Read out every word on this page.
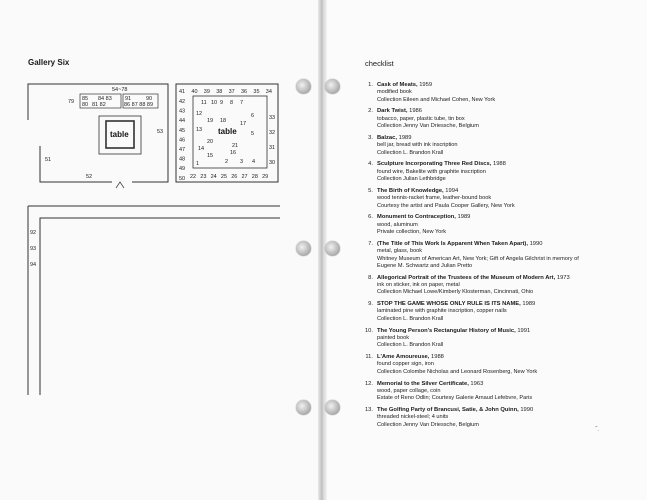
Gallery Six
54~78
79 85 84 83
80 81 82
91	90
86 87 88 89
table	53
51
52
41 40 39 38 37 36 35 34
42
43
44
45
46
47
48
49
50
33
32
31
30
22 23 24 25 26 27 28 29
11 10 9 8 7
12
19 18
6
17
13
20
21
5
16
14
15
2 3 4
1
table
92
93
94
checklist
1. Cask of Meats, 1959
modified book
Collection Eileen and Michael Cohen, New York
2. Dark Twist, 1986
tobacco, paper, plastic tube, tin box
Collection Jenny Van Driessche, Belgium
3. Balzac, 1989
bell jar, bread with ink inscription
Collection L. Brandon Krall
4. Sculpture Incorporating Three Red Discs, 1988
found wire, Bakelite with graphite inscription
Collection Julian Lethbridge
5. The Birth of Knowledge, 1994
wood tennis-racket frame, leather-bound book
Courtesy the artist and Paula Cooper Gallery, New York
6. Monument to Contraception, 1989
wood, aluminum
Private collection, New York
7. (The Title of This Work Is Apparent When Taken Apart), 1990
metal, glass, book
Whitney Museum of American Art, New York; Gift of Angela Gilchrist in memory of
Eugene M. Schwartz and Julian Pretto
8. Allegorical Portrait of the Trustees of the Museum of Modern Art, 1973
ink on sticker, ink on paper, metal
Collection Michael Lowe/Kimberly Klosterman, Cincinnati, Ohio
9. STOP THE GAME WHOSE ONLY RULE IS ITS NAME, 1989
laminated pine with graphite inscription, copper nails
Collection L. Brandon Krall
10. The Young Person's Rectangular History of Music, 1991
painted book
Collection L. Brandon Krall
11. L'Ame Amoureuse, 1988
found copper sign, iron
Collection Colombe Nicholas and Leonard Rosenberg, New York
12. Memorial to the Silver Certificate, 1963
wood, paper collage, coin
Estate of Reno Odlin; Courtesy Galerie Arnaud Lefebvre, Paris
13. The Golfing Party of Brancusi, Satie, & John Quinn, 1990
threaded nickel-steel; 4 units
Collection Jenny Van Driessche, Belgium
˜.
